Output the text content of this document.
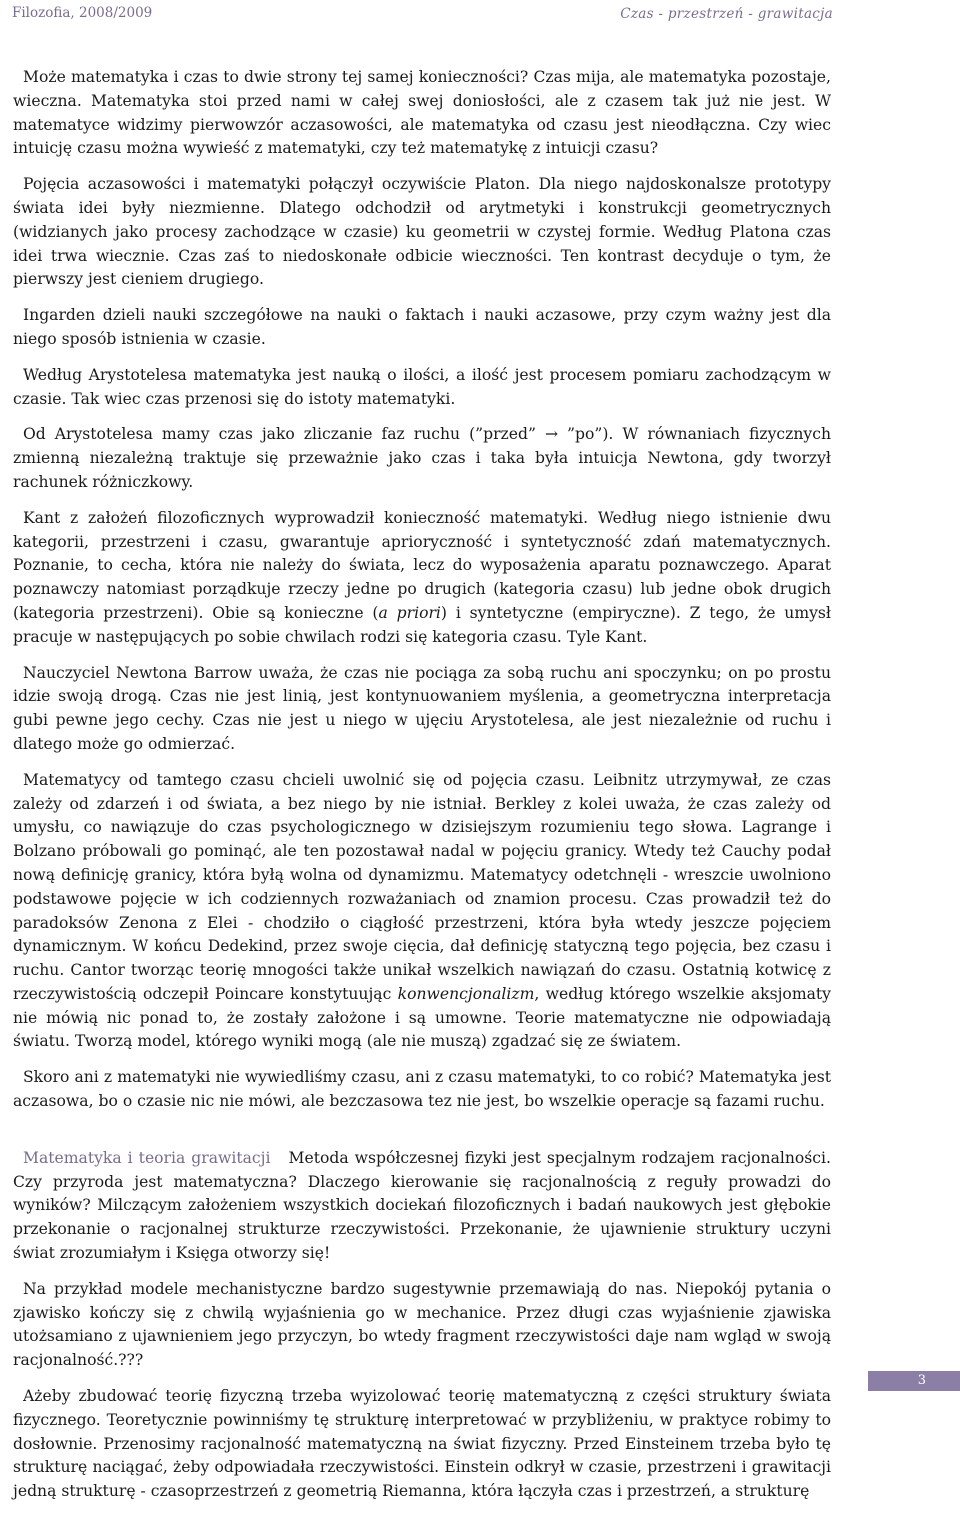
Filozofia, 2008/2009	Czas - przestrzeń - grawitacja

Może matematyka i czas to dwie strony tej samej konieczności? Czas mija, ale matematyka pozostaje, wieczna. Matematyka stoi przed nami w całej swej doniosłości, ale z czasem tak już nie jest. W matematyce widzimy pierwowzór aczasowości, ale matematyka od czasu jest nieodłączna. Czy wiec intuicję czasu można wywieść z matematyki, czy też matematykę z intuicji czasu?

Pojęcia aczasowości i matematyki połączył oczywiście Platon. Dla niego najdoskonalsze prototypy świata idei były niezmienne. Dlatego odchodził od arytmetyki i konstrukcji geometrycznych (widzianych jako procesy zachodzące w czasie) ku geometrii w czystej formie. Według Platona czas idei trwa wiecznie. Czas zaś to niedoskonałe odbicie wieczności. Ten kontrast decyduje o tym, że pierwszy jest cieniem drugiego.

Ingarden dzieli nauki szczegółowe na nauki o faktach i nauki aczasowe, przy czym ważny jest dla niego sposób istnienia w czasie.

Według Arystotelesa matematyka jest nauką o ilości, a ilość jest procesem pomiaru zachodzącym w czasie. Tak wiec czas przenosi się do istoty matematyki.

Od Arystotelesa mamy czas jako zliczanie faz ruchu (”przed” → ”po”). W równaniach fizycznych zmienną niezależną traktuje się przeważnie jako czas i taka była intuicja Newtona, gdy tworzył rachunek różniczkowy.

Kant z założeń filozoficznych wyprowadził konieczność matematyki. Według niego istnienie dwu kategorii, przestrzeni i czasu, gwarantuje aprioryczność i syntetyczność zdań matematycznych. Poznanie, to cecha, która nie należy do świata, lecz do wyposażenia aparatu poznawczego. Aparat poznawczy natomiast porządkuje rzeczy jedne po drugich (kategoria czasu) lub jedne obok drugich (kategoria przestrzeni). Obie są konieczne (a priori) i syntetyczne (empiryczne). Z tego, że umysł pracuje w następujących po sobie chwilach rodzi się kategoria czasu. Tyle Kant.

Nauczyciel Newtona Barrow uważa, że czas nie pociąga za sobą ruchu ani spoczynku; on po prostu idzie swoją drogą. Czas nie jest linią, jest kontynuowaniem myślenia, a geometryczna interpretacja gubi pewne jego cechy. Czas nie jest u niego w ujęciu Arystotelesa, ale jest niezależnie od ruchu i dlatego może go odmierzać.

Matematycy od tamtego czasu chcieli uwolnić się od pojęcia czasu. Leibnitz utrzymywał, ze czas zależy od zdarzeń i od świata, a bez niego by nie istniał. Berkley z kolei uważa, że czas zależy od umysłu, co nawiązuje do czas psychologicznego w dzisiejszym rozumieniu tego słowa. Lagrange i Bolzano próbowali go pominąć, ale ten pozostawał nadal w pojęciu granicy. Wtedy też Cauchy podał nową definicję granicy, która byłą wolna od dynamizmu. Matematycy odetchnęli - wreszcie uwolniono podstawowe pojęcie w ich codziennych rozważaniach od znamion procesu. Czas prowadził też do paradoksów Zenona z Elei - chodziło o ciągłość przestrzeni, która była wtedy jeszcze pojęciem dynamicznym. W końcu Dedekind, przez swoje cięcia, dał definicję statyczną tego pojęcia, bez czasu i ruchu. Cantor tworząc teorię mnogości także unikał wszelkich nawiązań do czasu. Ostatnią kotwicę z rzeczywistością odczepił Poincare konstytuując konwencjonalizm, według którego wszelkie aksjomaty nie mówią nic ponad to, że zostały założone i są umowne. Teorie matematyczne nie odpowiadają światu. Tworzą model, którego wyniki mogą (ale nie muszą) zgadzać się ze światem.

Skoro ani z matematyki nie wywiedliśmy czasu, ani z czasu matematyki, to co robić? Matematyka jest aczasowa, bo o czasie nic nie mówi, ale bezczasowa tez nie jest, bo wszelkie operacje są fazami ruchu.

Matematyka i teoria grawitacji Metoda współczesnej fizyki jest specjalnym rodzajem racjonalności. Czy przyroda jest matematyczna? Dlaczego kierowanie się racjonalnością z reguły prowadzi do wyników? Milczącym założeniem wszystkich dociekań filozoficznych i badań naukowych jest głębokie przekonanie o racjonalnej strukturze rzeczywistości. Przekonanie, że ujawnienie struktury uczyni świat zrozumiałym i Księga otworzy się!

Na przykład modele mechanistyczne bardzo sugestywnie przemawiają do nas. Niepokój pytania o zjawisko kończy się z chwilą wyjaśnienia go w mechanice. Przez długi czas wyjaśnienie zjawiska utożsamiano z ujawnieniem jego przyczyn, bo wtedy fragment rzeczywistości daje nam wgląd w swoją racjonalność.???

Ażeby zbudować teorię fizyczną trzeba wyizolować teorię matematyczną z części struktury świata fizycznego. Teoretycznie powinniśmy tę strukturę interpretować w przybliżeniu, w praktyce robimy to dosłownie. Przenosimy racjonalność matematyczną na świat fizyczny. Przed Einsteinem trzeba było tę strukturę naciągać, żeby odpowiadała rzeczywistości. Einstein odkrył w czasie, przestrzeni i grawitacji jedną strukturę - czasoprzestrzeń z geometrią Riemanna, która łączyła czas i przestrzeń, a strukturę

3
